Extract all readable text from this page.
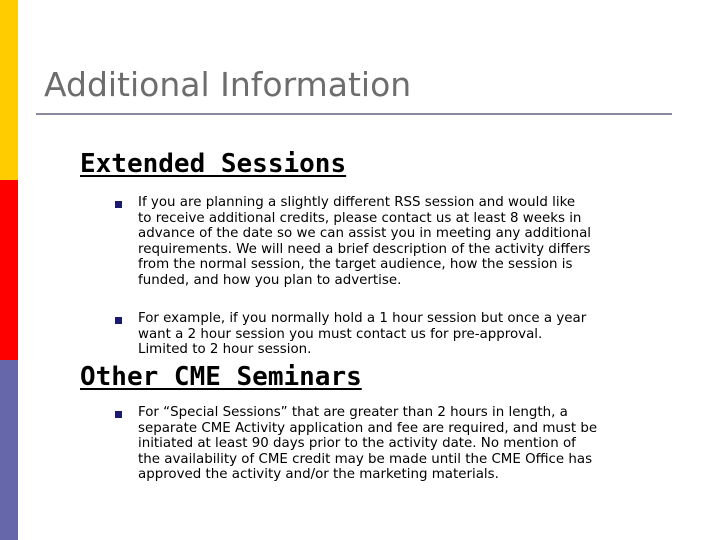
Additional Information
Extended Sessions
If you are planning a slightly different RSS session and would like
to receive additional credits, please contact us at least 8 weeks in
advance of the date so we can assist you in meeting any additional
requirements. We will need a brief description of the activity differs
from the normal session, the target audience, how the session is
funded, and how you plan to advertise.
For example, if you normally hold a 1 hour session but once a year
want a 2 hour session you must contact us for pre-approval.
Limited to 2 hour session.
Other CME Seminars
For “Special Sessions” that are greater than 2 hours in length, a
separate CME Activity application and fee are required, and must be
initiated at least 90 days prior to the activity date. No mention of
the availability of CME credit may be made until the CME Office has
approved the activity and/or the marketing materials.
